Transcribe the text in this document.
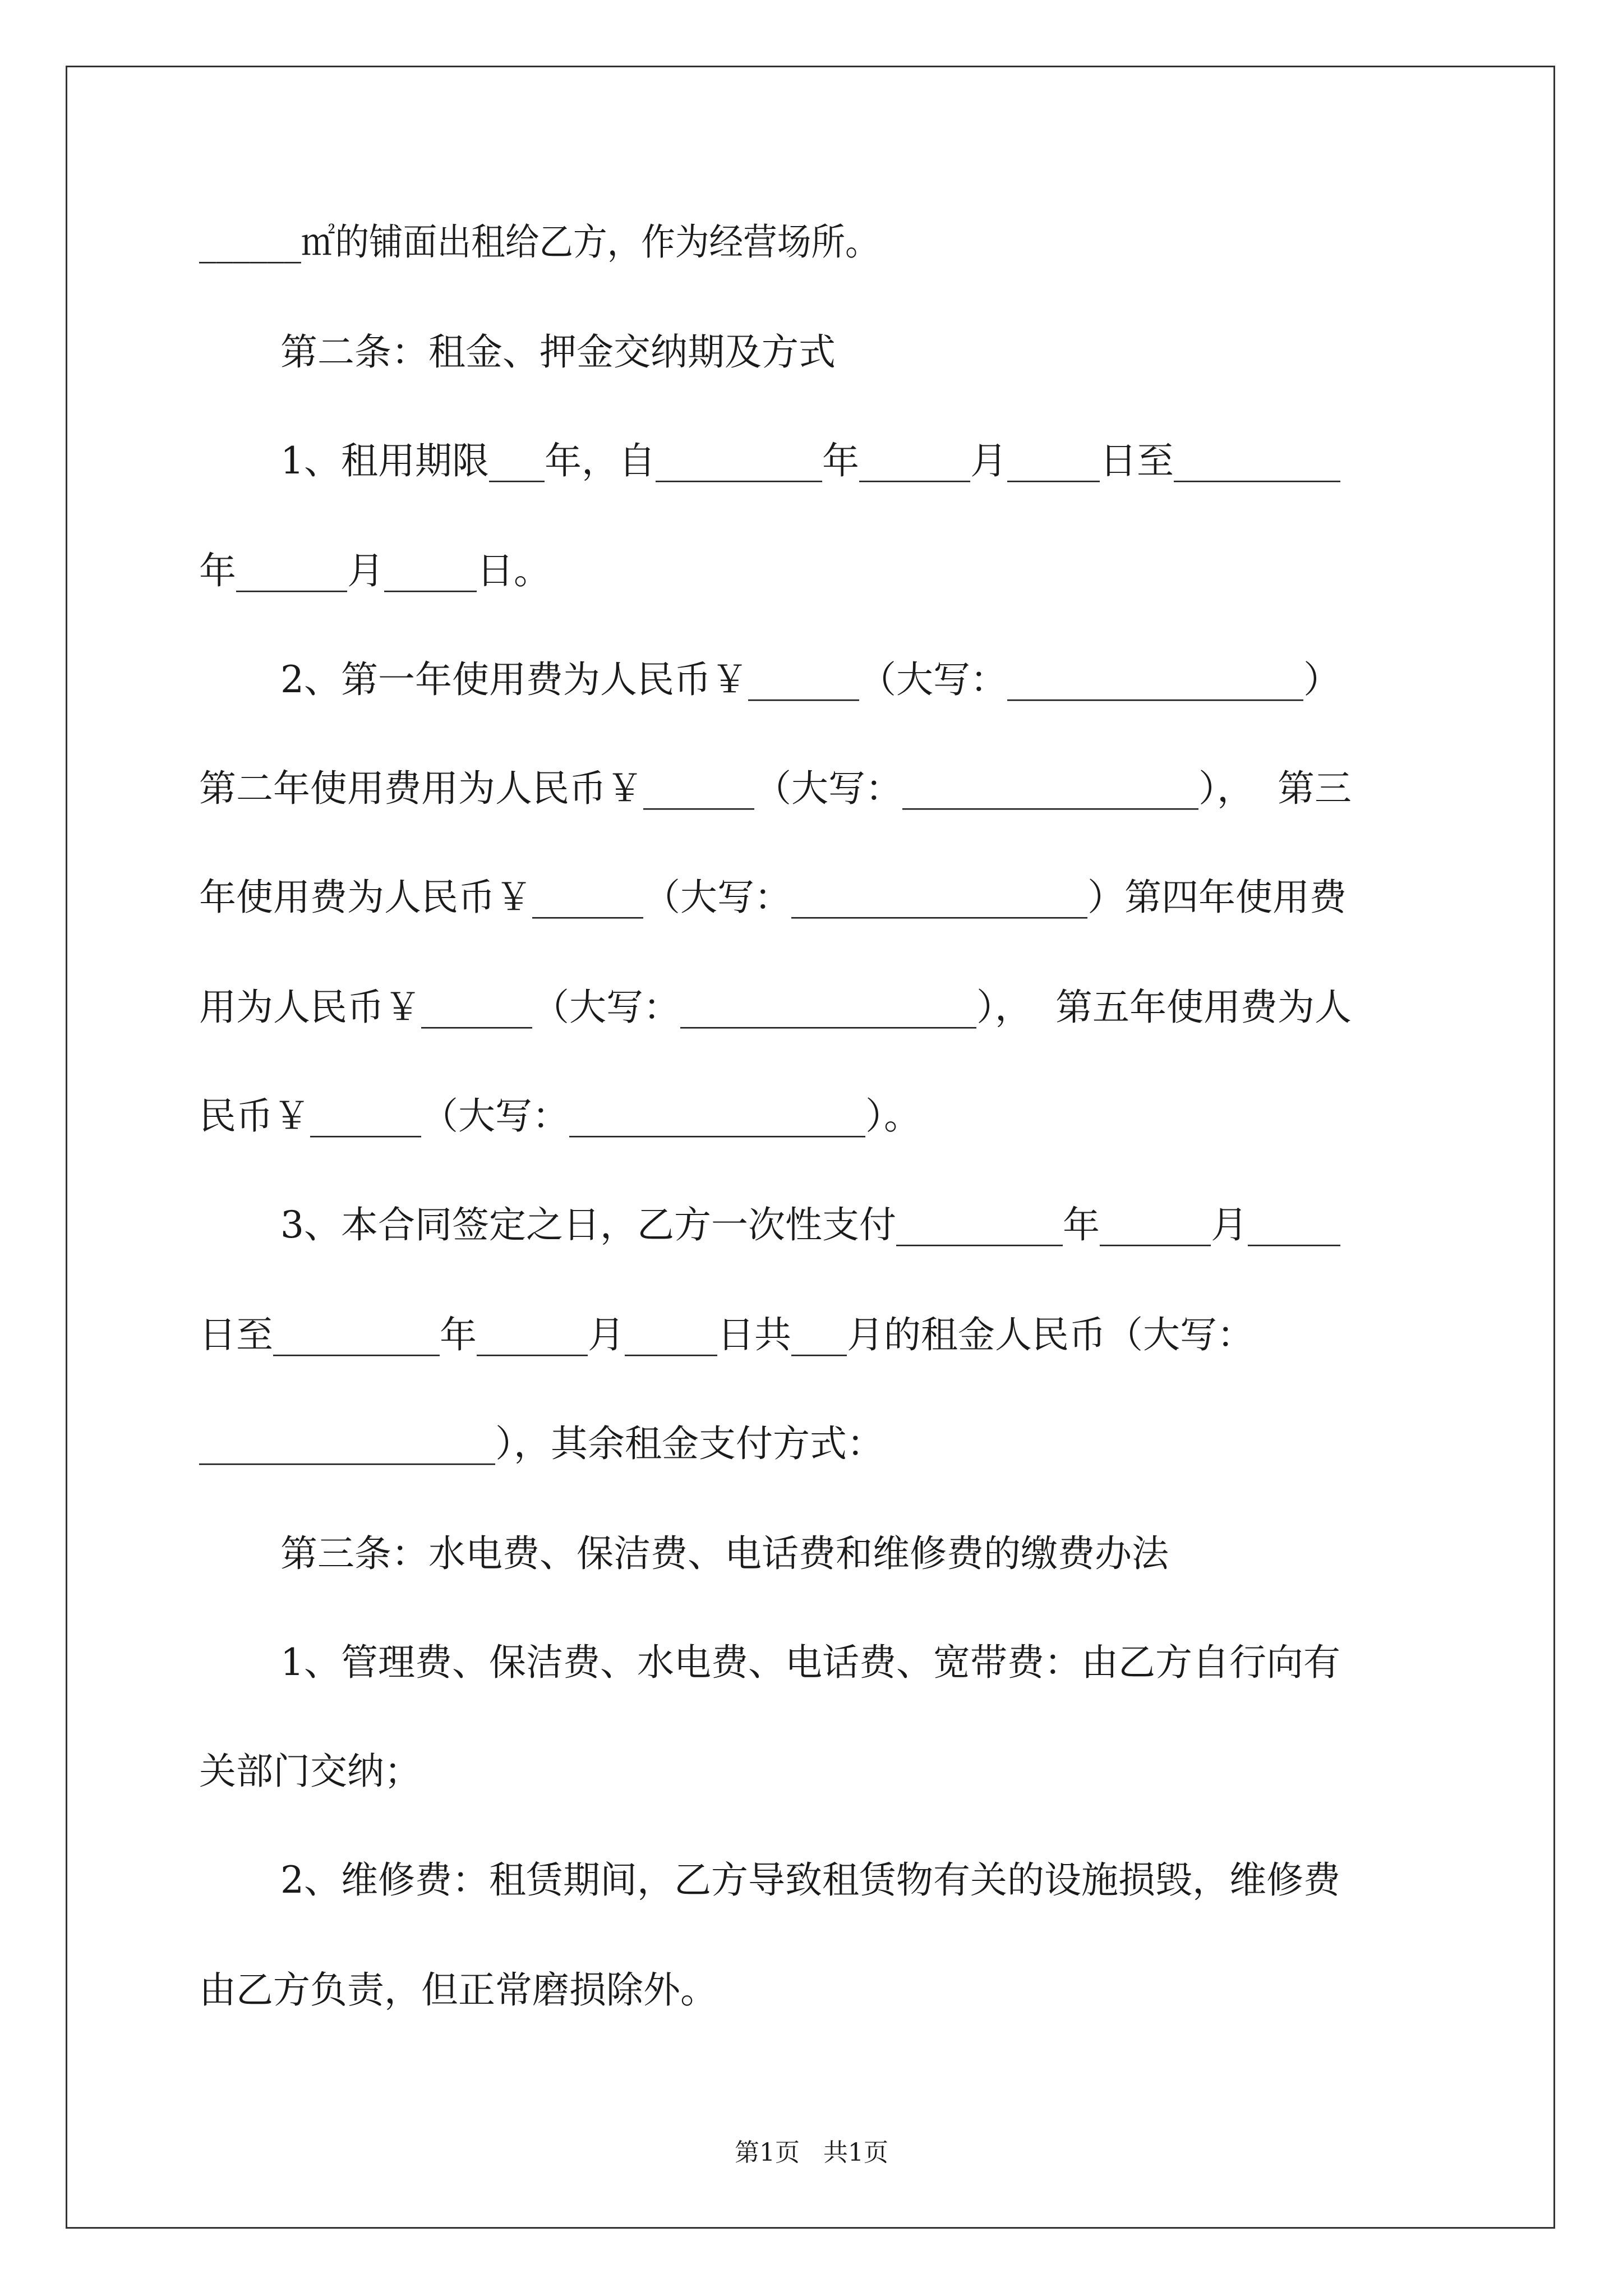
______㎡的铺面出租给乙方，作为经营场所。
第二条：租金、押金交纳期及方式
1、租用期限___年，自_________年______月_____日至_________
年______月_____日。
2、第一年使用费为人民币￥______（大写：________________）
第二年使用费用为人民币￥______（大写：________________），  第三
年使用费为人民币￥______（大写：________________）第四年使用费
用为人民币￥______（大写：________________），  第五年使用费为人
民币￥______（大写：________________）。
3、本合同签定之日，乙方一次性支付_________年______月_____
日至_________年______月_____日共___月的租金人民币（大写：
________________），其余租金支付方式：
第三条：水电费、保洁费、电话费和维修费的缴费办法
1、管理费、保洁费、水电费、电话费、宽带费：由乙方自行向有
关部门交纳；
2、维修费：租赁期间，乙方导致租赁物有关的设施损毁，维修费
由乙方负责，但正常磨损除外。
第1页   共1页
